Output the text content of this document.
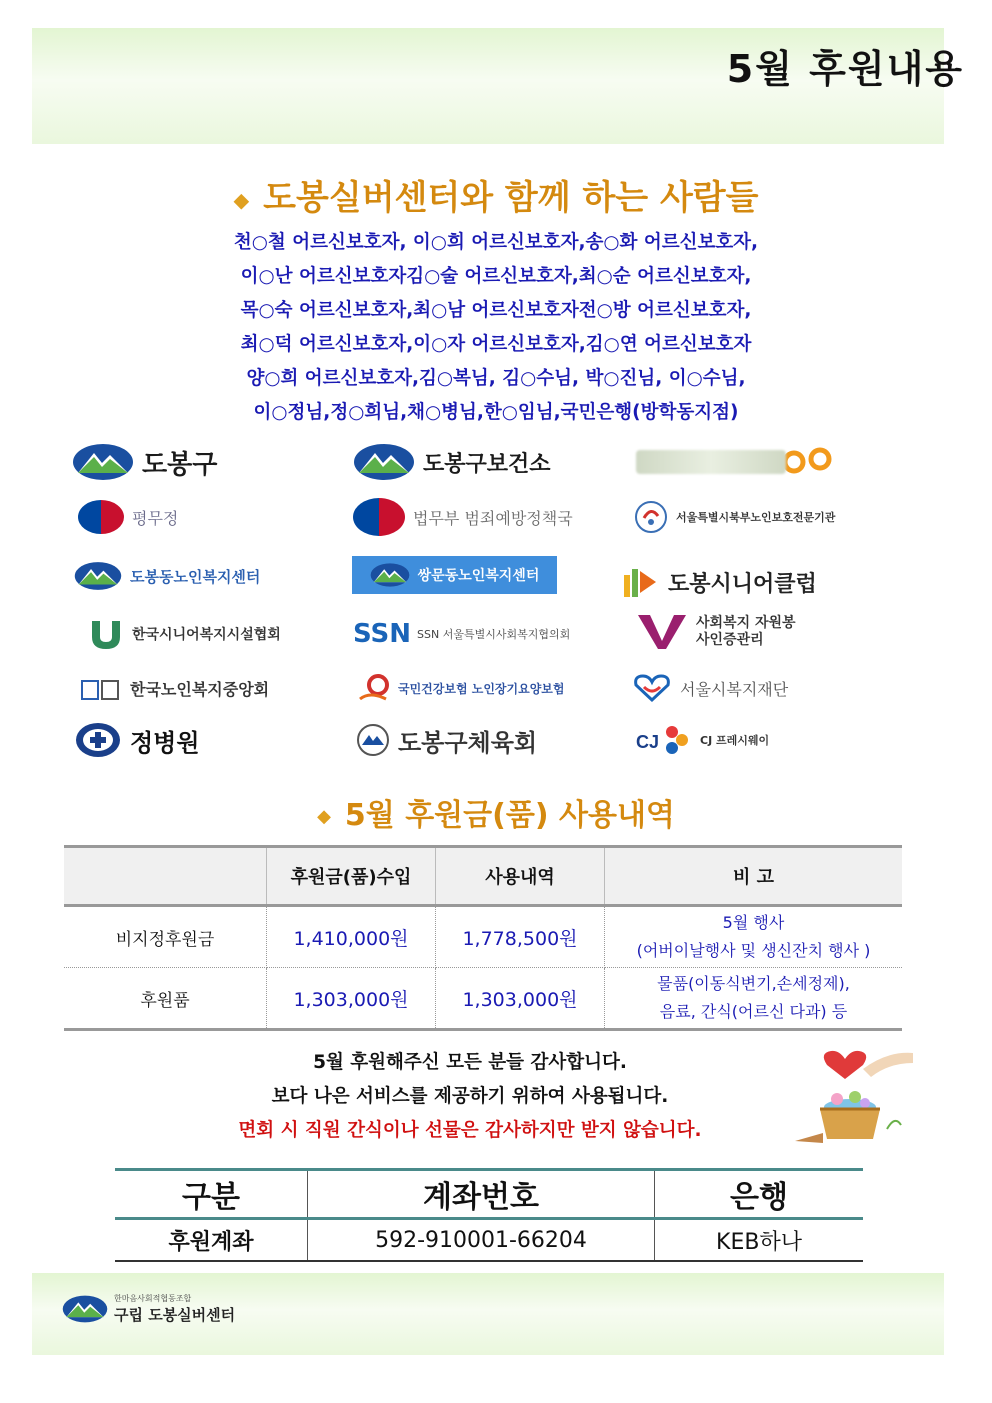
5월 후원내용
◆ 도봉실버센터와 함께 하는 사람들
천○철 어르신보호자, 이○희 어르신보호자,송○화 어르신보호자,
이○난 어르신보호자김○술 어르신보호자,최○순 어르신보호자,
목○숙 어르신보호자,최○남 어르신보호자전○방 어르신보호자,
최○덕 어르신보호자,이○자 어르신보호자,김○연 어르신보호자
양○희 어르신보호자,김○복님, 김○수님, 박○진님, 이○수님,
이○정님,정○희님,채○병님,한○임님,국민은행(방학동지점)
도봉구	도봉구보건소
평무정	법무부 범죄예방정책국	서울특별시북부노인보호전문기관
도봉동노인복지센터	쌍문동노인복지센터	도봉시니어클럽
한국시니어복지시설협회	SSN SSN 서울특별시사회복지협의회
사회복지 자원봉사인증관리
한국노인복지중앙회	국민건강보험 노인장기요양보험	서울시복지재단
정병원	도봉구체육회	CJ	CJ 프레시웨이
◆ 5월 후원금(품) 사용내역
	후원금(품)수입	사용내역	비 고
비지정후원금	1,410,000원	1,778,500원	5월 행사
(어버이날행사 및 생신잔치 행사 )

후원품	1,303,000원	1,303,000원	물품(이동식변기,손세정제),
음료, 간식(어르신 다과) 등
5월 후원해주신 모든 분들 감사합니다.
보다 나은 서비스를 제공하기 위하여 사용됩니다.
면회 시 직원 간식이나 선물은 감사하지만 받지 않습니다.
구분	계좌번호	은행
후원계좌	592-910001-66204	KEB하나
한마음사회적협동조합
구립 도봉실버센터
